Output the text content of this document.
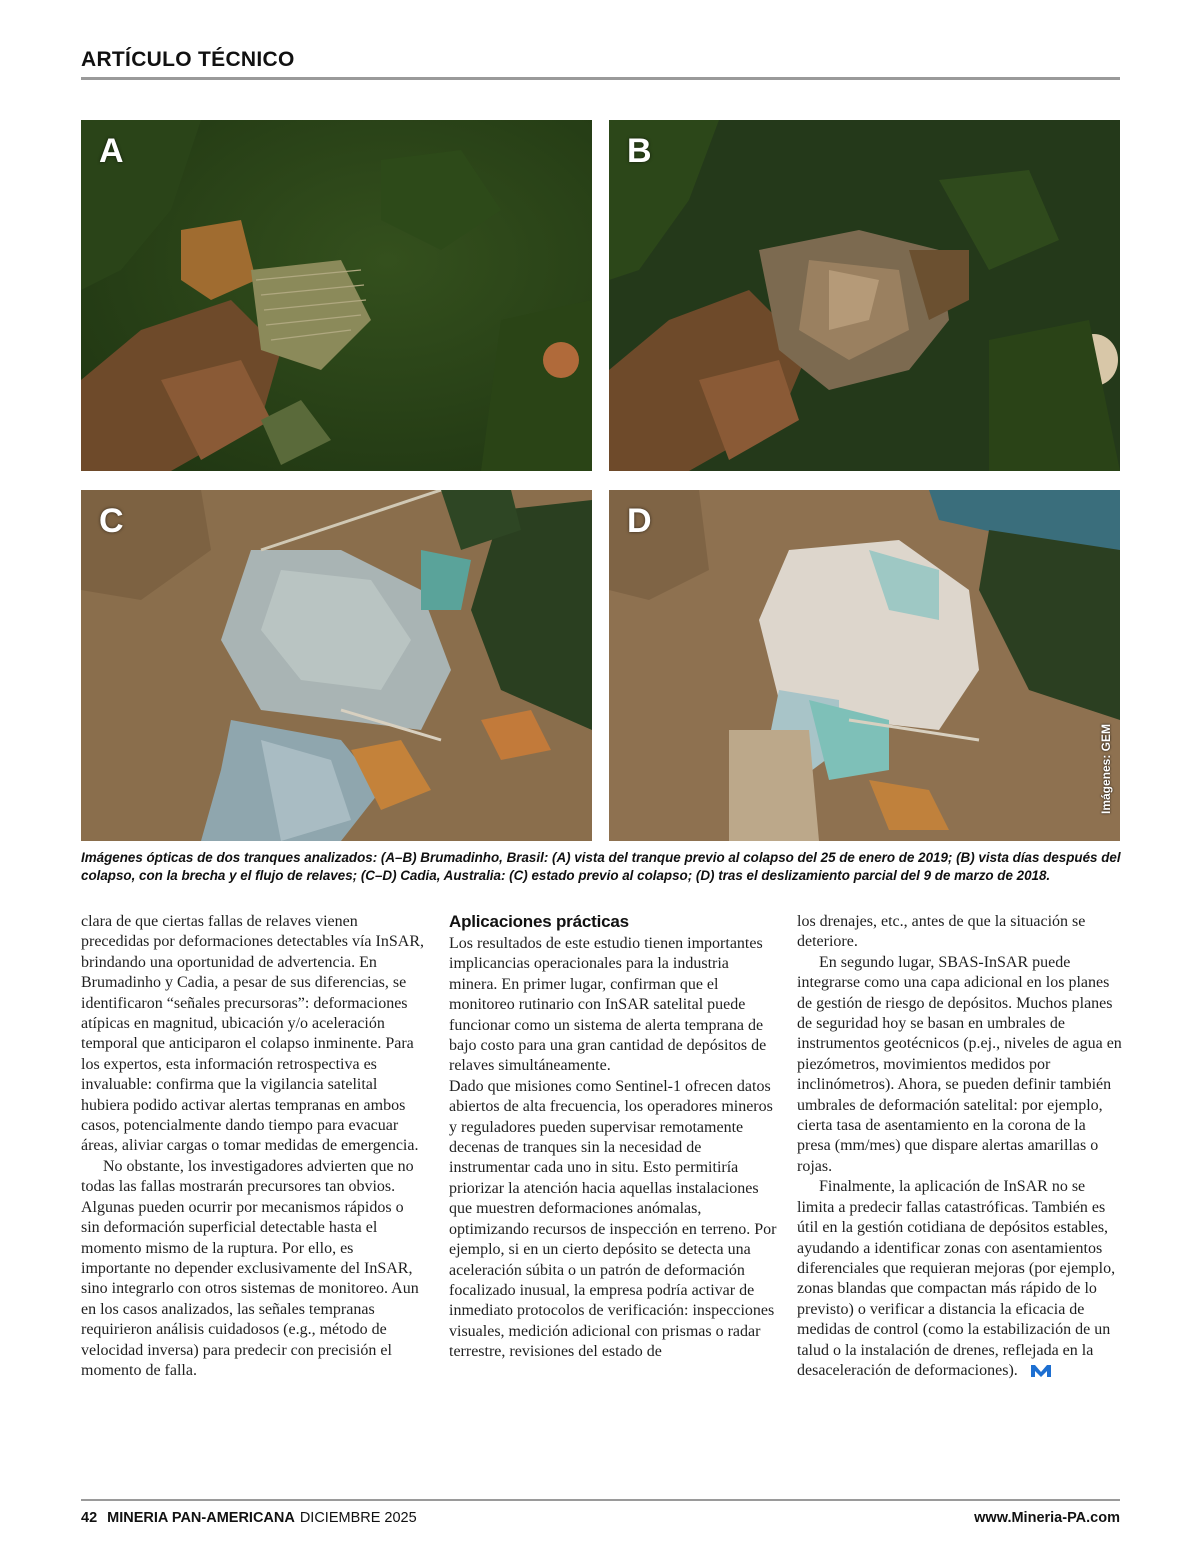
ARTÍCULO TÉCNICO
A	B
C	D
Imágenes: GEM
Imágenes ópticas de dos tranques analizados: (A–B) Brumadinho, Brasil: (A) vista del tranque previo al colapso del 25 de enero de 2019; (B) vista días después del colapso, con la brecha y el flujo de relaves; (C–D) Cadia, Australia: (C) estado previo al colapso; (D) tras el deslizamiento parcial del 9 de marzo de 2018.

clara de que ciertas fallas de relaves vienen precedidas por deformaciones detectables vía InSAR, brindando una oportunidad de advertencia. En Brumadinho y Cadia, a pesar de sus diferencias, se identificaron “señales precursoras”: deformaciones atípicas en magnitud, ubicación y/o aceleración temporal que anticiparon el colapso inminente. Para los expertos, esta información retrospectiva es invaluable: confirma que la vigilancia satelital hubiera podido activar alertas tempranas en ambos casos, potencialmente dando tiempo para evacuar áreas, aliviar cargas o tomar medidas de emergencia.

No obstante, los investigadores advierten que no todas las fallas mostrarán precursores tan obvios. Algunas pueden ocurrir por mecanismos rápidos o sin deformación superficial detectable hasta el momento mismo de la ruptura. Por ello, es importante no depender exclusivamente del InSAR, sino integrarlo con otros sistemas de monitoreo. Aun en los casos analizados, las señales tempranas requirieron análisis cuidadosos (e.g., método de velocidad inversa) para predecir con precisión el momento de falla.

Aplicaciones prácticas

Los resultados de este estudio tienen importantes implicancias operacionales para la industria minera. En primer lugar, confirman que el monitoreo rutinario con InSAR satelital puede funcionar como un sistema de alerta temprana de bajo costo para una gran cantidad de depósitos de relaves simultáneamente.

Dado que misiones como Sentinel-1 ofrecen datos abiertos de alta frecuencia, los operadores mineros y reguladores pueden supervisar remotamente decenas de tranques sin la necesidad de instrumentar cada uno in situ. Esto permitiría priorizar la atención hacia aquellas instalaciones que muestren deformaciones anómalas, optimizando recursos de inspección en terreno. Por ejemplo, si en un cierto depósito se detecta una aceleración súbita o un patrón de deformación focalizado inusual, la empresa podría activar de inmediato protocolos de verificación: inspecciones visuales, medición adicional con prismas o radar terrestre, revisiones del estado de

los drenajes, etc., antes de que la situación se deteriore.

En segundo lugar, SBAS-InSAR puede integrarse como una capa adicional en los planes de gestión de riesgo de depósitos. Muchos planes de seguridad hoy se basan en umbrales de instrumentos geotécnicos (p.ej., niveles de agua en piezómetros, movimientos medidos por inclinómetros). Ahora, se pueden definir también umbrales de deformación satelital: por ejemplo, cierta tasa de asentamiento en la corona de la presa (mm/mes) que dispare alertas amarillas o rojas.

Finalmente, la aplicación de InSAR no se limita a predecir fallas catastróficas. También es útil en la gestión cotidiana de depósitos estables, ayudando a identificar zonas con asentamientos diferenciales que requieran mejoras (por ejemplo, zonas blandas que compactan más rápido de lo previsto) o verificar a distancia la eficacia de medidas de control (como la estabilización de un talud o la instalación de drenes, reflejada en la desaceleración de deformaciones).

42 MINERIA PAN-AMERICANA DICIEMBRE 2025	www.Mineria-PA.com
